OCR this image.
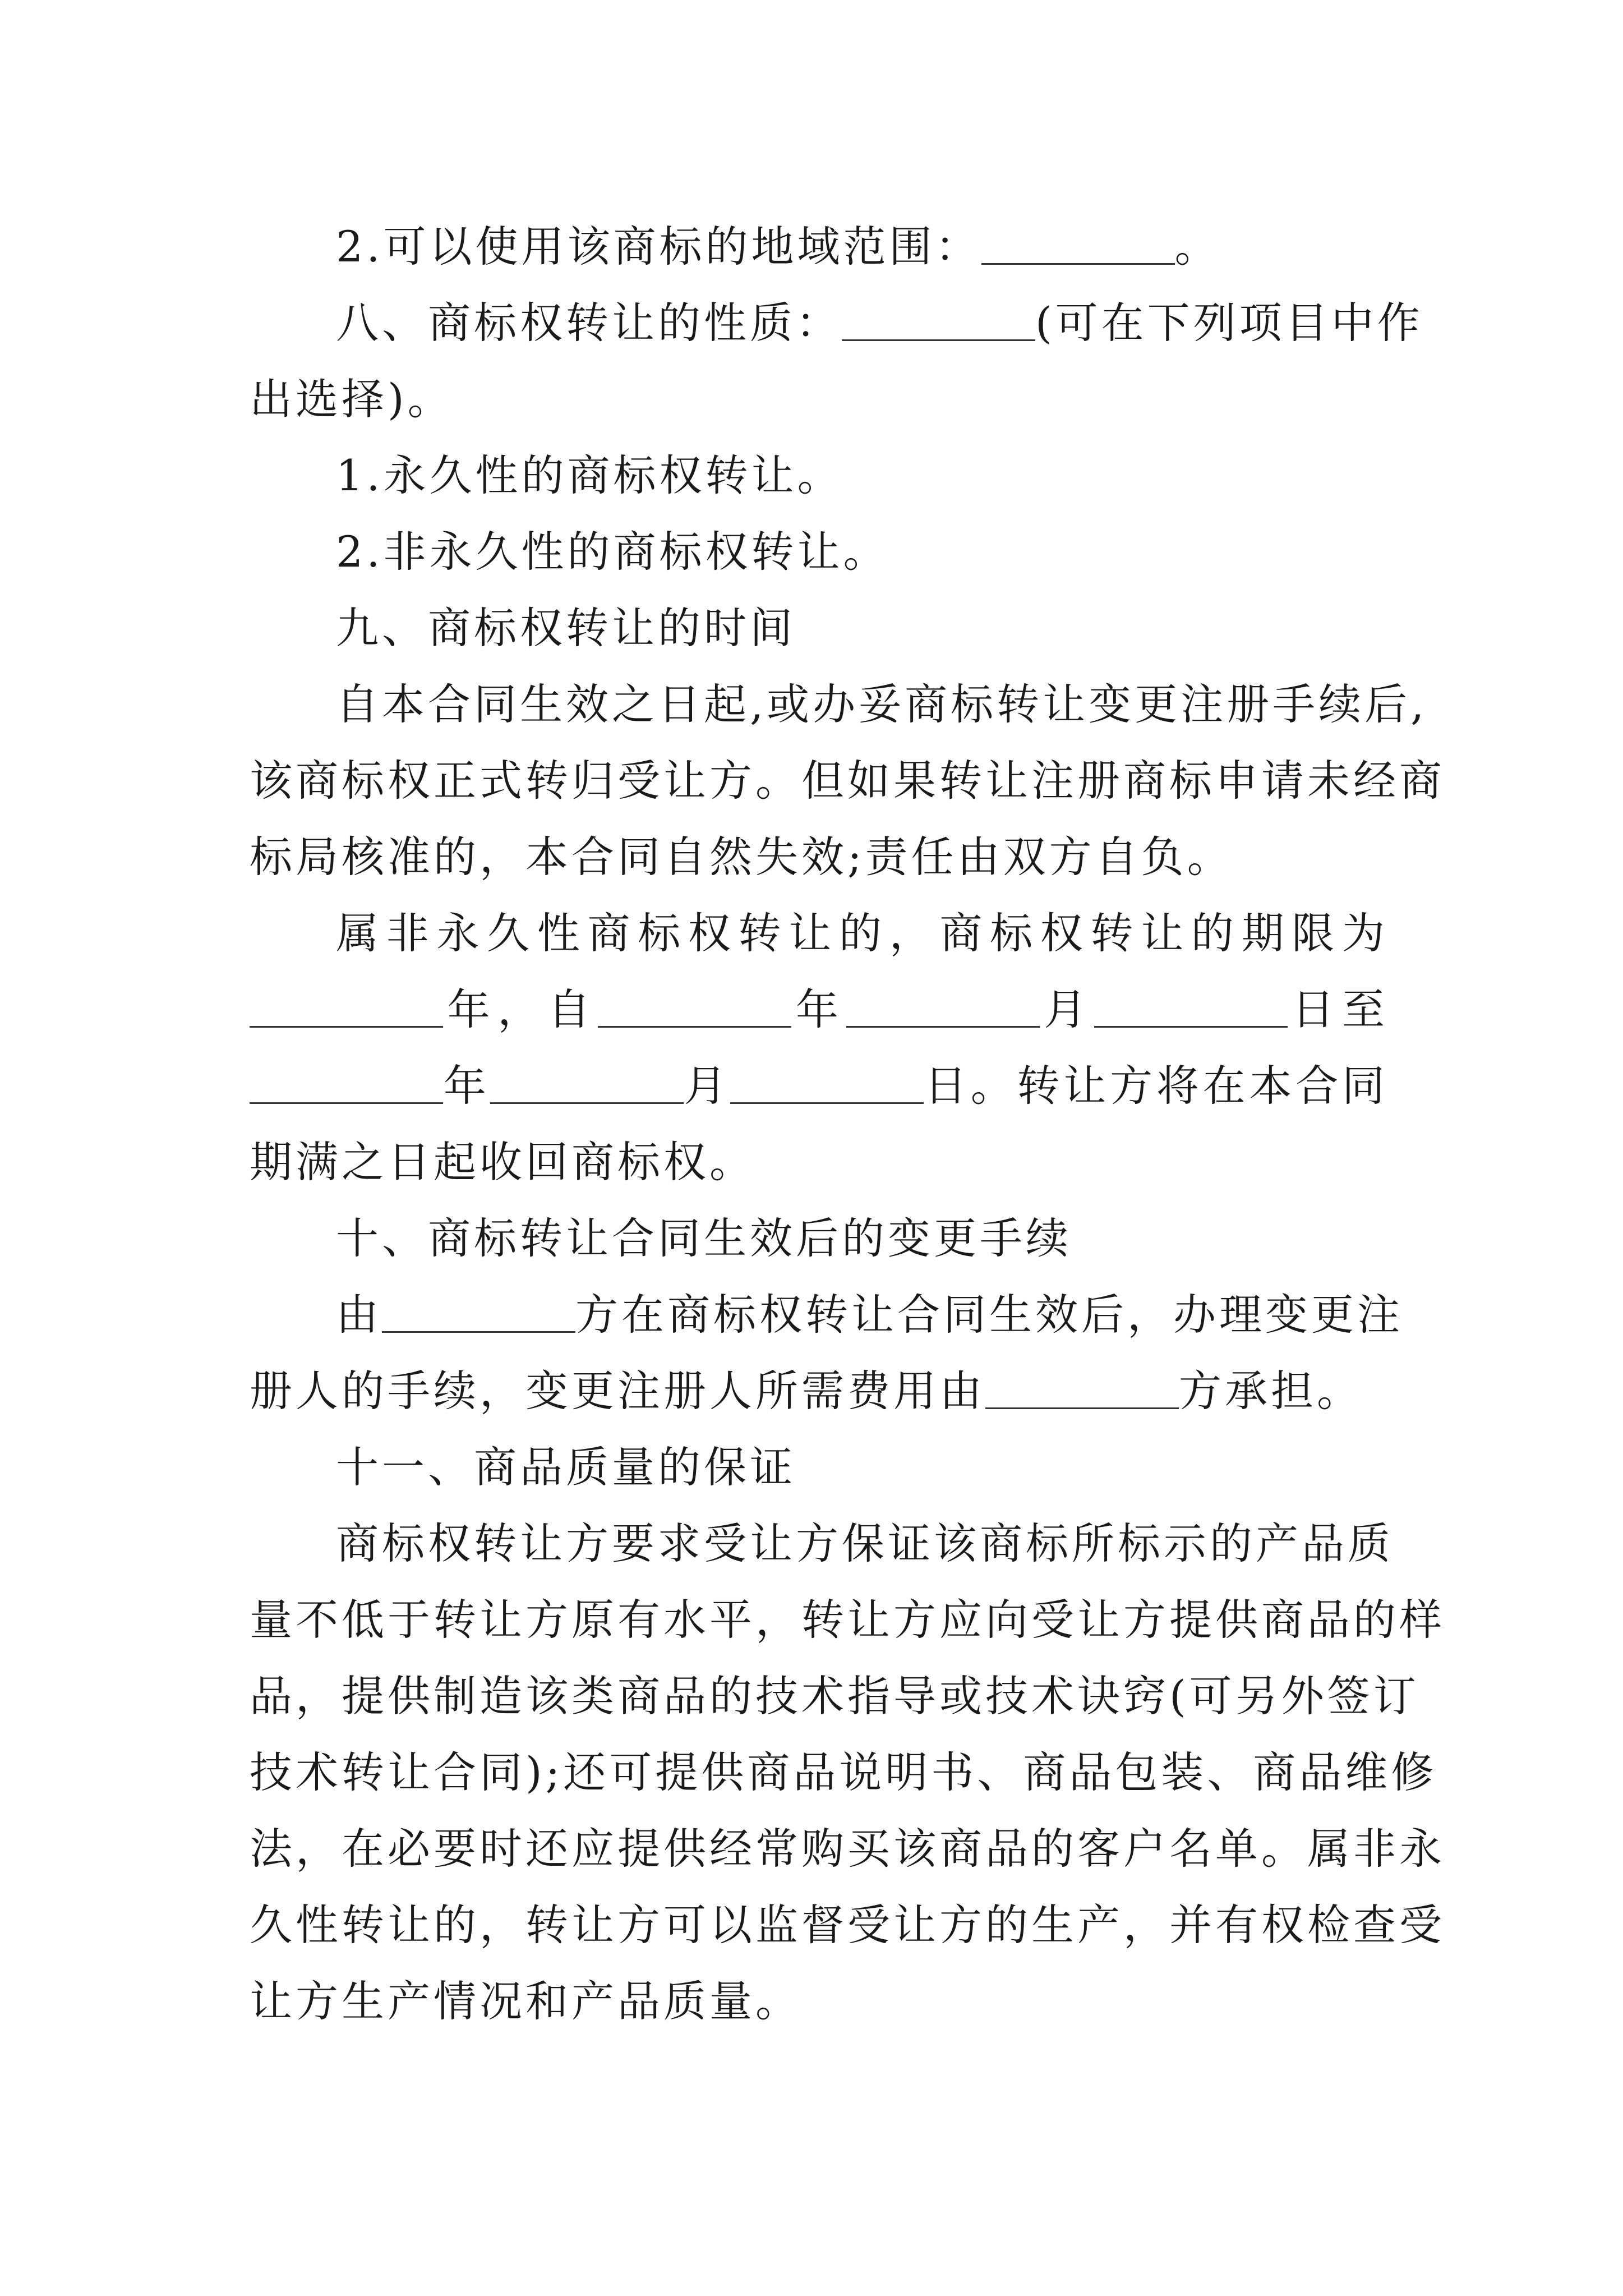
2.可以使用该商标的地域范围：	。
八、商标权转让的性质：	(可在下列项目中作
出选择)。
1.永久性的商标权转让。
2.非永久性的商标权转让。
九、商标权转让的时间
自本合同生效之日起,或办妥商标转让变更注册手续后,
该商标权正式转归受让方。但如果转让注册商标申请未经商
标局核准的，本合同自然失效;责任由双方自负。
属非永久性商标权转让的，商标权转让的期限为
年，自	年	月	日至
年	月	日。转让方将在本合同
期满之日起收回商标权。
十、商标转让合同生效后的变更手续
由	方在商标权转让合同生效后，办理变更注
册人的手续，变更注册人所需费用由	方承担。
十一、商品质量的保证
商标权转让方要求受让方保证该商标所标示的产品质
量不低于转让方原有水平，转让方应向受让方提供商品的样
品，提供制造该类商品的技术指导或技术诀窍(可另外签订
技术转让合同);还可提供商品说明书、商品包装、商品维修
法，在必要时还应提供经常购买该商品的客户名单。属非永
久性转让的，转让方可以监督受让方的生产，并有权检查受
让方生产情况和产品质量。
